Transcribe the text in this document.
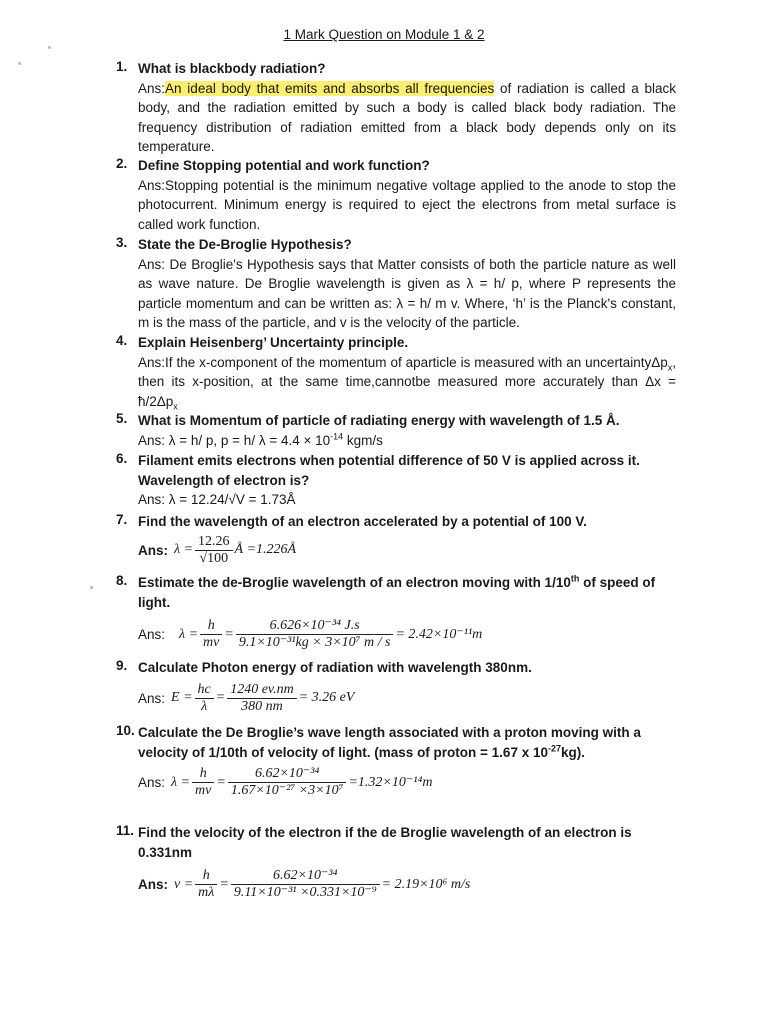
1 Mark Question on Module 1 & 2
1. What is blackbody radiation?
Ans:An ideal body that emits and absorbs all frequencies of radiation is called a black body, and the radiation emitted by such a body is called black body radiation. The frequency distribution of radiation emitted from a black body depends only on its temperature.
2. Define Stopping potential and work function?
Ans:Stopping potential is the minimum negative voltage applied to the anode to stop the photocurrent. Minimum energy is required to eject the electrons from metal surface is called work function.
3. State the De-Broglie Hypothesis?
Ans: De Broglie's Hypothesis says that Matter consists of both the particle nature as well as wave nature. De Broglie wavelength is given as λ = h/ p, where P represents the particle momentum and can be written as: λ = h/ m v. Where, ‘h’ is the Planck's constant, m is the mass of the particle, and v is the velocity of the particle.
4. Explain Heisenberg’ Uncertainty principle.
Ans:If the x-component of the momentum of aparticle is measured with an uncertaintyΔp$_x$, then its x-position, at the same time,cannotbe measured more accurately than $\Delta x = ħ/2\Delta p_x$
5. What is Momentum of particle of radiating energy with wavelength of 1.5 Å.
Ans: λ = h/ p, p = h/ $\lambda = 4.4 \times 10^{-14}$ kgm/s
6. Filament emits electrons when potential difference of 50 V is applied across it. Wavelength of electron is?
Ans: λ = 12.24/√V = 1.73Å
7. Find the wavelength of an electron accelerated by a potential of 100 V.
Ans: $\lambda = \frac{12.26}{√100}$ Å =1.226Å
8. Estimate the de-Broglie wavelength of an electron moving with 1/10th of speed of light.
Ans: $\lambda = \frac{h}{mv} = \frac{\text{6.626×10⁻³⁴ J.s}}{\text{9.1×10⁻³¹kg × 3×10⁷ m / s}} = 2.42\times 10^{-11}m$
9. Calculate Photon energy of radiation with wavelength 380nm.
Ans: $E = \frac{hc}{\lambda} = \frac{1240 ev.nm}{380 nm} = 3.26$ eV
10. Calculate the De Broglie’s wave length associated with a proton moving with a velocity of 1/10th of velocity of light. (mass of proton = 1.67 x $10^{-27}kg$).
Ans: $\lambda = \frac{h}{mv} = \frac{\text{6.62×10⁻³⁴}}{\text{1.67×10⁻²⁷ ×3×10⁷}} =1.32\times 10^{-14}m$
11. Find the velocity of the electron if the de Broglie wavelength of an electron is 0.331nm
Ans: $v = \frac{h}{m\lambda} = \frac{\text{6.62×10⁻³⁴}}{\text{9.11×10⁻³¹ ×0.331×10⁻⁹}} = 2.19\times 10^6$ m/s
